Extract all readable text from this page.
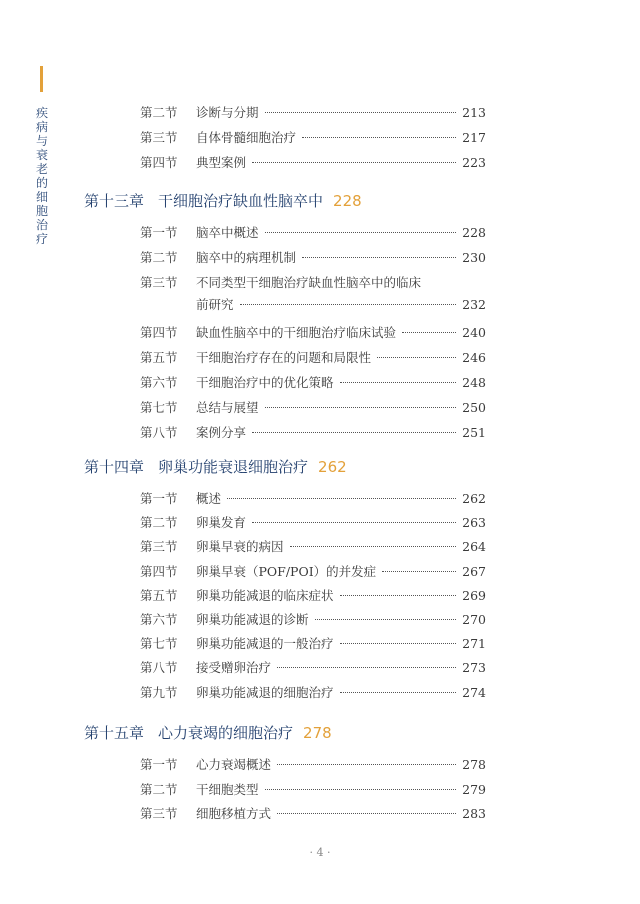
疾病与衰老的细胞治疗
第二节 诊断与分期	213
第三节 自体骨髓细胞治疗	217
第四节 典型案例	223
第十三章 干细胞治疗缺血性脑卒中 228
第一节 脑卒中概述	228
第二节 脑卒中的病理机制	230
第三节 不同类型干细胞治疗缺血性脑卒中的临床
前研究	232
第四节 缺血性脑卒中的干细胞治疗临床试验	240
第五节 干细胞治疗存在的问题和局限性	246
第六节 干细胞治疗中的优化策略	248
第七节 总结与展望	250
第八节 案例分享	251
第十四章 卵巢功能衰退细胞治疗 262
第一节 概述	262
第二节 卵巢发育	263
第三节 卵巢早衰的病因	264
第四节 卵巢早衰（POF/POI）的并发症	267
第五节 卵巢功能减退的临床症状	269
第六节 卵巢功能减退的诊断	270
第七节 卵巢功能减退的一般治疗	271
第八节 接受赠卵治疗	273
第九节 卵巢功能减退的细胞治疗	274
第十五章 心力衰竭的细胞治疗 278
第一节 心力衰竭概述	278
第二节 干细胞类型	279
第三节 细胞移植方式	283
· 4 ·
